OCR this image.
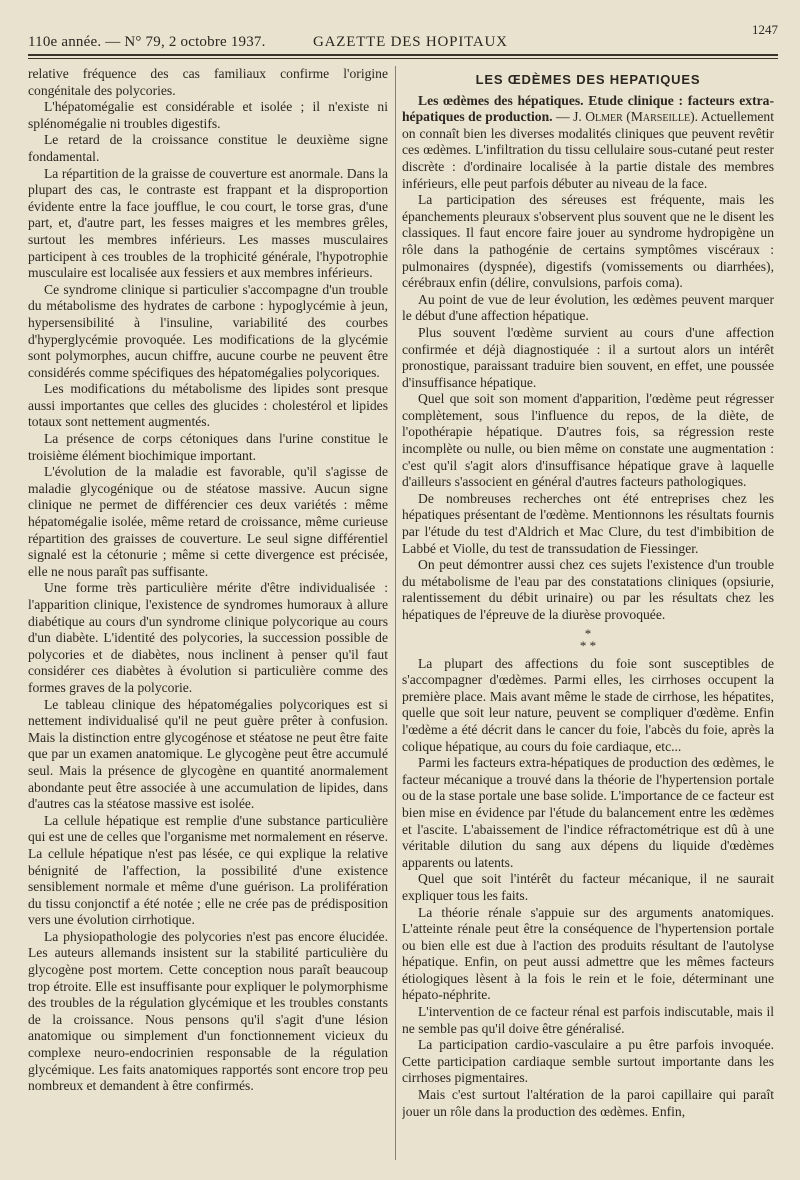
110e année. — N° 79, 2 octobre 1937.	GAZETTE DES HOPITAUX
1247

relative fréquence des cas familiaux confirme l'origine congénitale des polycories.

L'hépatomégalie est considérable et isolée ; il n'existe ni splénomégalie ni troubles digestifs.

Le retard de la croissance constitue le deuxième signe fondamental.

La répartition de la graisse de couverture est anormale. Dans la plupart des cas, le contraste est frappant et la disproportion évidente entre la face joufflue, le cou court, le torse gras, d'une part, et, d'autre part, les fesses maigres et les membres grêles, surtout les membres inférieurs. Les masses musculaires participent à ces troubles de la trophicité générale, l'hypotrophie musculaire est localisée aux fessiers et aux membres inférieurs.

Ce syndrome clinique si particulier s'accompagne d'un trouble du métabolisme des hydrates de carbone : hypoglycémie à jeun, hypersensibilité à l'insuline, variabilité des courbes d'hyperglycémie provoquée. Les modifications de la glycémie sont polymorphes, aucun chiffre, aucune courbe ne peuvent être considérés comme spécifiques des hépatomégalies polycoriques.

Les modifications du métabolisme des lipides sont presque aussi importantes que celles des glucides : cholestérol et lipides totaux sont nettement augmentés.

La présence de corps cétoniques dans l'urine constitue le troisième élément biochimique important.

L'évolution de la maladie est favorable, qu'il s'agisse de maladie glycogénique ou de stéatose massive. Aucun signe clinique ne permet de différencier ces deux variétés : même hépatomégalie isolée, même retard de croissance, même curieuse répartition des graisses de couverture. Le seul signe différentiel signalé est la cétonurie ; même si cette divergence est précisée, elle ne nous paraît pas suffisante.

Une forme très particulière mérite d'être individualisée : l'apparition clinique, l'existence de syndromes humoraux à allure diabétique au cours d'un syndrome clinique polycorique au cours d'un diabète. L'identité des polycories, la succession possible de polycories et de diabètes, nous inclinent à penser qu'il faut considérer ces diabètes à évolution si particulière comme des formes graves de la polycorie.

Le tableau clinique des hépatomégalies polycoriques est si nettement individualisé qu'il ne peut guère prêter à confusion. Mais la distinction entre glycogénose et stéatose ne peut être faite que par un examen anatomique. Le glycogène peut être accumulé seul. Mais la présence de glycogène en quantité anormalement abondante peut être associée à une accumulation de lipides, dans d'autres cas la stéatose massive est isolée.

La cellule hépatique est remplie d'une substance particulière qui est une de celles que l'organisme met normalement en réserve. La cellule hépatique n'est pas lésée, ce qui explique la relative bénignité de l'affection, la possibilité d'une existence sensiblement normale et même d'une guérison. La prolifération du tissu conjonctif a été notée ; elle ne crée pas de prédisposition vers une évolution cirrhotique.

La physiopathologie des polycories n'est pas encore élucidée. Les auteurs allemands insistent sur la stabilité particulière du glycogène post mortem. Cette conception nous paraît beaucoup trop étroite. Elle est insuffisante pour expliquer le polymorphisme des troubles de la régulation glycémique et les troubles constants de la croissance. Nous pensons qu'il s'agit d'une lésion anatomique ou simplement d'un fonctionnement vicieux du complexe neuro-endocrinien responsable de la régulation glycémique. Les faits anatomiques rapportés sont encore trop peu nombreux et demandent à être confirmés.

LES ŒDÈMES DES HEPATIQUES

Les œdèmes des hépatiques. Etude clinique : facteurs extra-hépatiques de production. — J. Olmer (Marseille). Actuellement on connaît bien les diverses modalités cliniques que peuvent revêtir ces œdèmes. L'infiltration du tissu cellulaire sous-cutané peut rester discrète : d'ordinaire localisée à la partie distale des membres inférieurs, elle peut parfois débuter au niveau de la face.

La participation des séreuses est fréquente, mais les épanchements pleuraux s'observent plus souvent que ne le disent les classiques. Il faut encore faire jouer au syndrome hydropigène un rôle dans la pathogénie de certains symptômes viscéraux : pulmonaires (dyspnée), digestifs (vomissements ou diarrhées), cérébraux enfin (délire, convulsions, parfois coma).

Au point de vue de leur évolution, les œdèmes peuvent marquer le début d'une affection hépatique.

Plus souvent l'œdème survient au cours d'une affection confirmée et déjà diagnostiquée : il a surtout alors un intérêt pronostique, paraissant traduire bien souvent, en effet, une poussée d'insuffisance hépatique.

Quel que soit son moment d'apparition, l'œdème peut régresser complètement, sous l'influence du repos, de la diète, de l'opothérapie hépatique. D'autres fois, sa régression reste incomplète ou nulle, ou bien même on constate une augmentation : c'est qu'il s'agit alors d'insuffisance hépatique grave à laquelle d'ailleurs s'associent en général d'autres facteurs pathologiques.

De nombreuses recherches ont été entreprises chez les hépatiques présentant de l'œdème. Mentionnons les résultats fournis par l'étude du test d'Aldrich et Mac Clure, du test d'imbibition de Labbé et Violle, du test de transsudation de Fiessinger.

On peut démontrer aussi chez ces sujets l'existence d'un trouble du métabolisme de l'eau par des constatations cliniques (opsiurie, ralentissement du débit urinaire) ou par les résultats chez les hépatiques de l'épreuve de la diurèse provoquée.

*
* *

La plupart des affections du foie sont susceptibles de s'accompagner d'œdèmes. Parmi elles, les cirrhoses occupent la première place. Mais avant même le stade de cirrhose, les hépatites, quelle que soit leur nature, peuvent se compliquer d'œdème. Enfin l'œdème a été décrit dans le cancer du foie, l'abcès du foie, après la colique hépatique, au cours du foie cardiaque, etc...

Parmi les facteurs extra-hépatiques de production des œdèmes, le facteur mécanique a trouvé dans la théorie de l'hypertension portale ou de la stase portale une base solide. L'importance de ce facteur est bien mise en évidence par l'étude du balancement entre les œdèmes et l'ascite. L'abaissement de l'indice réfractométrique est dû à une véritable dilution du sang aux dépens du liquide d'œdèmes apparents ou latents.

Quel que soit l'intérêt du facteur mécanique, il ne saurait expliquer tous les faits.

La théorie rénale s'appuie sur des arguments anatomiques. L'atteinte rénale peut être la conséquence de l'hypertension portale ou bien elle est due à l'action des produits résultant de l'autolyse hépatique. Enfin, on peut aussi admettre que les mêmes facteurs étiologiques lèsent à la fois le rein et le foie, déterminant une hépato-néphrite.

L'intervention de ce facteur rénal est parfois indiscutable, mais il ne semble pas qu'il doive être généralisé.

La participation cardio-vasculaire a pu être parfois invoquée. Cette participation cardiaque semble surtout importante dans les cirrhoses pigmentaires.

Mais c'est surtout l'altération de la paroi capillaire qui paraît jouer un rôle dans la production des œdèmes. Enfin,
